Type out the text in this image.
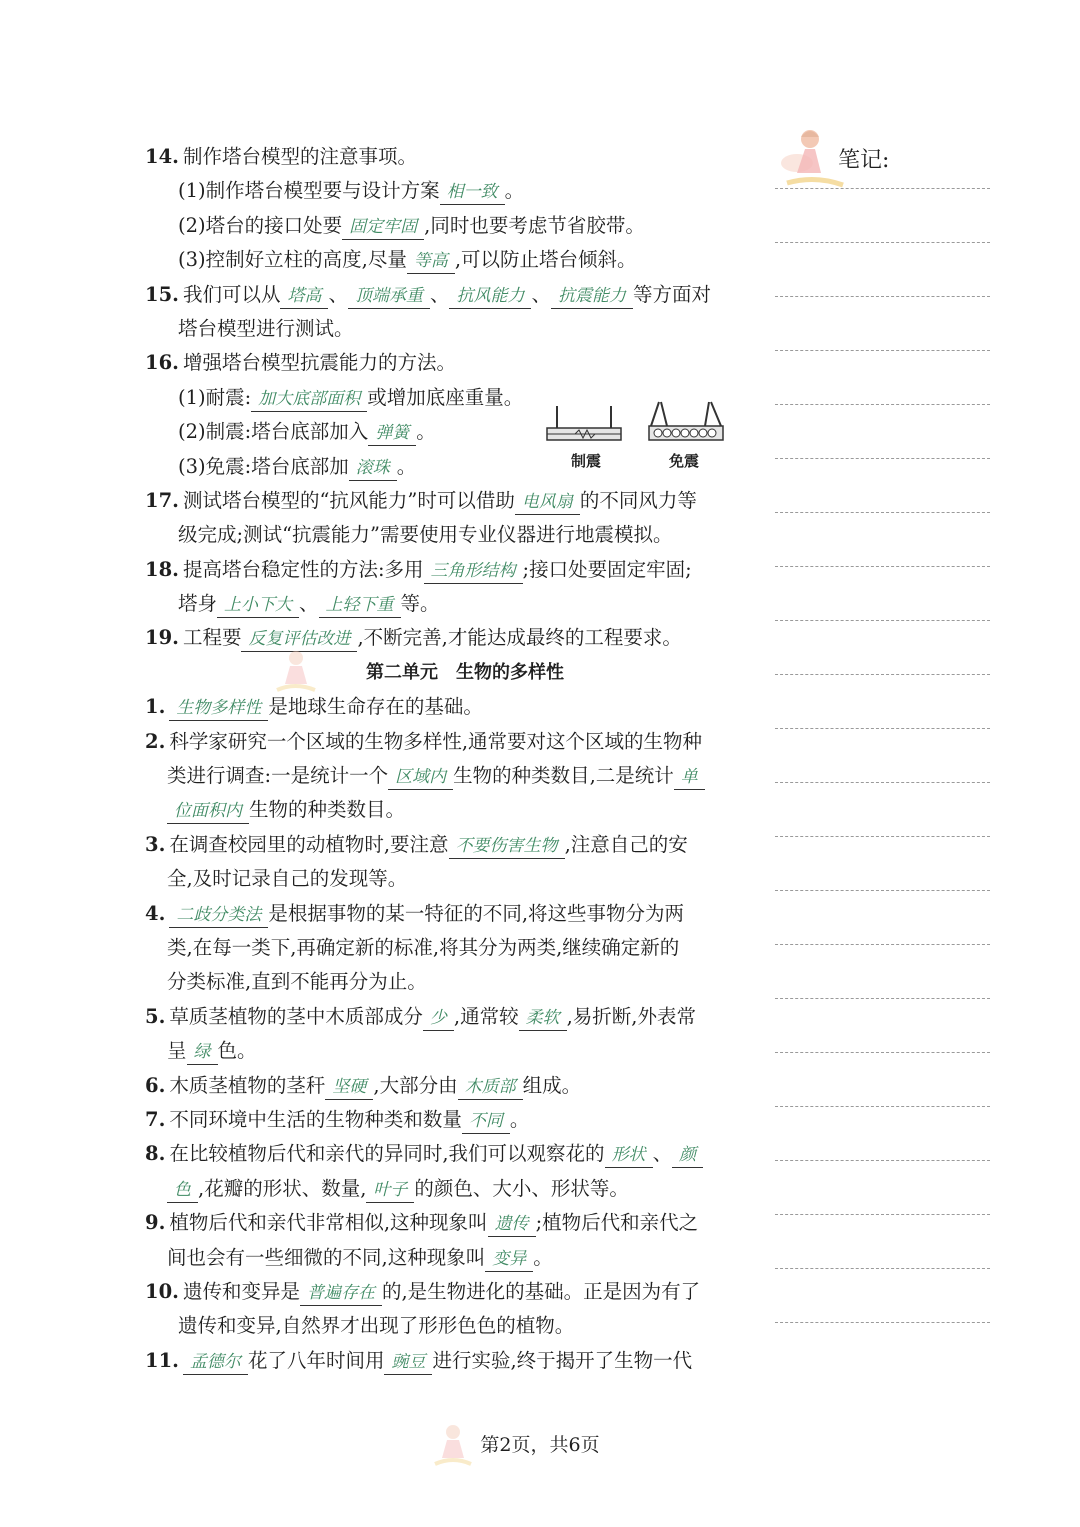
笔记:
制震	免震
14. 制作塔台模型的注意事项。
(1)制作塔台模型要与设计方案 相一致 。
(2)塔台的接口处要 固定牢固 ,同时也要考虑节省胶带。
(3)控制好立柱的高度,尽量 等高 ,可以防止塔台倾斜。
15. 我们可以从 塔高 、 顶端承重 、 抗风能力 、 抗震能力 等方面对
塔台模型进行测试。
16. 增强塔台模型抗震能力的方法。
(1)耐震: 加大底部面积 或增加底座重量。
(2)制震:塔台底部加入 弹簧 。
(3)免震:塔台底部加 滚珠 。
17. 测试塔台模型的“抗风能力”时可以借助 电风扇 的不同风力等
级完成;测试“抗震能力”需要使用专业仪器进行地震模拟。
18. 提高塔台稳定性的方法:多用 三角形结构 ;接口处要固定牢固;
塔身 上小下大 、 上轻下重 等。
19. 工程要 反复评估改进 ,不断完善,才能达成最终的工程要求。
第二单元　生物的多样性
1. 生物多样性 是地球生命存在的基础。
2. 科学家研究一个区域的生物多样性,通常要对这个区域的生物种
类进行调查:一是统计一个 区域内 生物的种类数目,二是统计 单
位面积内 生物的种类数目。
3. 在调查校园里的动植物时,要注意 不要伤害生物 ,注意自己的安
全,及时记录自己的发现等。
4. 二歧分类法 是根据事物的某一特征的不同,将这些事物分为两
类,在每一类下,再确定新的标准,将其分为两类,继续确定新的
分类标准,直到不能再分为止。
5. 草质茎植物的茎中木质部成分 少 ,通常较 柔软 ,易折断,外表常
呈 绿 色。
6. 木质茎植物的茎秆 坚硬 ,大部分由 木质部 组成。
7. 不同环境中生活的生物种类和数量 不同 。
8. 在比较植物后代和亲代的异同时,我们可以观察花的 形状 、 颜
色 ,花瓣的形状、数量, 叶子 的颜色、大小、形状等。
9. 植物后代和亲代非常相似,这种现象叫 遗传 ;植物后代和亲代之
间也会有一些细微的不同,这种现象叫 变异 。
10. 遗传和变异是 普遍存在 的,是生物进化的基础。正是因为有了
遗传和变异,自然界才出现了形形色色的植物。
11. 孟德尔 花了八年时间用 豌豆 进行实验,终于揭开了生物一代
第2页，共6页
